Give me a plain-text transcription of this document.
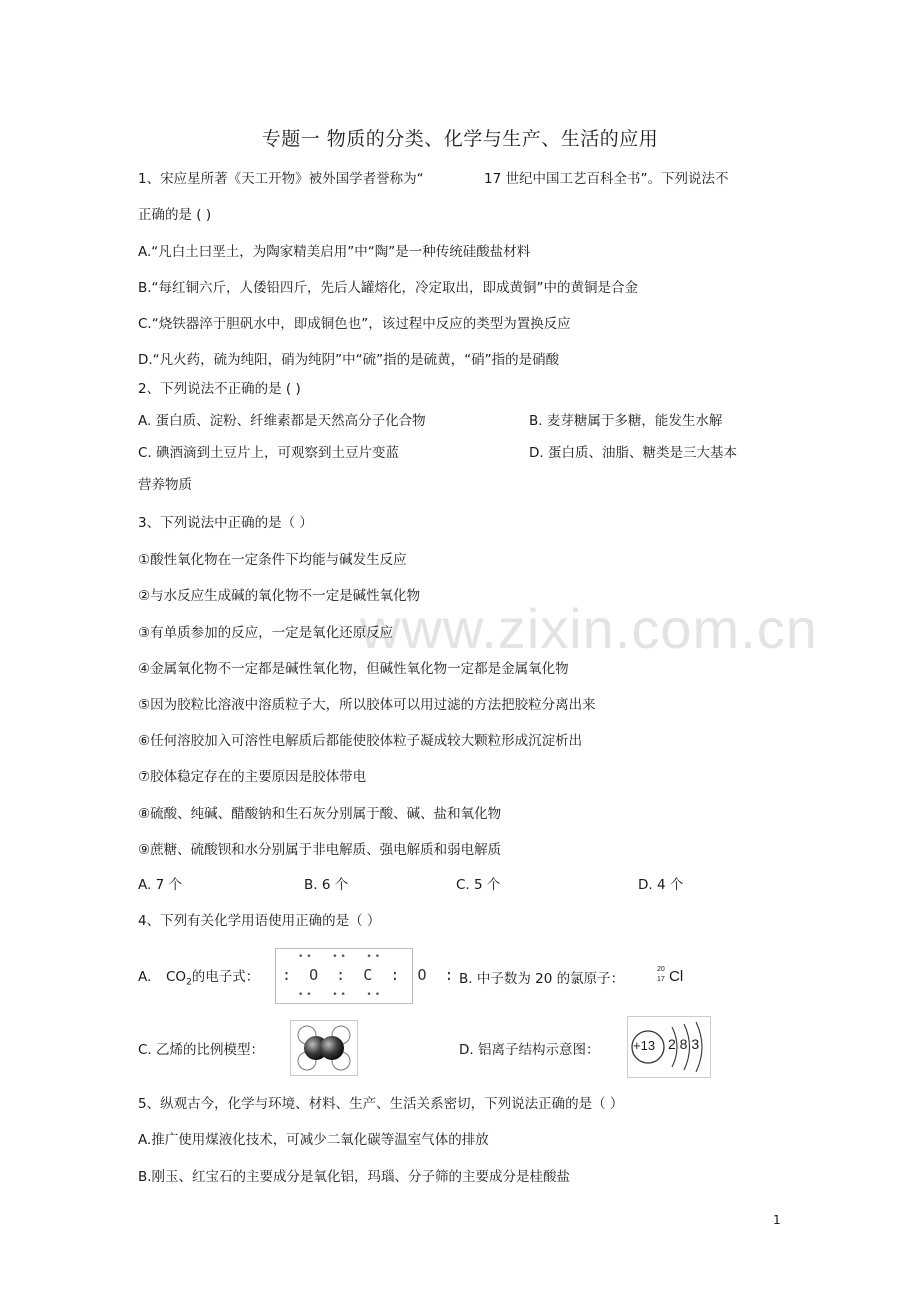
www.zixin.com.cn
专题一 物质的分类、化学与生产、生活的应用
1、宋应星所著《天工开物》被外国学者誉称为“	17 世纪中国工艺百科全书”。下列说法不
正确的是 ( )
A.“凡白土曰垩土，为陶家精美启用”中“陶”是一种传统硅酸盐材料
B.“每红铜六斤，人倭铅四斤，先后人罐熔化，冷定取出，即成黄铜”中的黄铜是合金
C.“烧铁器淬于胆矾水中，即成铜色也”，该过程中反应的类型为置换反应
D.“凡火药，硫为纯阳，硝为纯阴”中“硫”指的是硫黄，“硝”指的是硝酸
2、下列说法不正确的是 ( )
A. 蛋白质、淀粉、纤维素都是天然高分子化合物	B. 麦芽糖属于多糖，能发生水解
C. 碘酒滴到土豆片上，可观察到土豆片变蓝	D. 蛋白质、油脂、糖类是三大基本
营养物质
3、下列说法中正确的是（ ）
①酸性氧化物在一定条件下均能与碱发生反应
②与水反应生成碱的氧化物不一定是碱性氧化物
③有单质参加的反应，一定是氧化还原反应
④金属氧化物不一定都是碱性氧化物，但碱性氧化物一定都是金属氧化物
⑤因为胶粒比溶液中溶质粒子大，所以胶体可以用过滤的方法把胶粒分离出来
⑥任何溶胶加入可溶性电解质后都能使胶体粒子凝成较大颗粒形成沉淀析出
⑦胶体稳定存在的主要原因是胶体带电
⑧硫酸、纯碱、醋酸钠和生石灰分别属于酸、碱、盐和氧化物
⑨蔗糖、硫酸钡和水分别属于非电解质、强电解质和弱电解质
A. 7 个	B. 6 个	C. 5 个	D. 4 个
4、下列有关化学用语使用正确的是（ ）
A. $CO_2$的电子式： :  O  :  C  :  O  :
••   ••   ••
••   ••   ••
B. 中子数为 20 的氯原子：
20
17 Cl
C. 乙烯的比例模型：	D. 铝离子结构示意图：	+13 2 8 3
5、纵观古今，化学与环境、材料、生产、生活关系密切，下列说法正确的是（ ）
A.推广使用煤液化技术，可减少二氧化碳等温室气体的排放
B.刚玉、红宝石的主要成分是氧化铝，玛瑙、分子筛的主要成分是桂酸盐
1
